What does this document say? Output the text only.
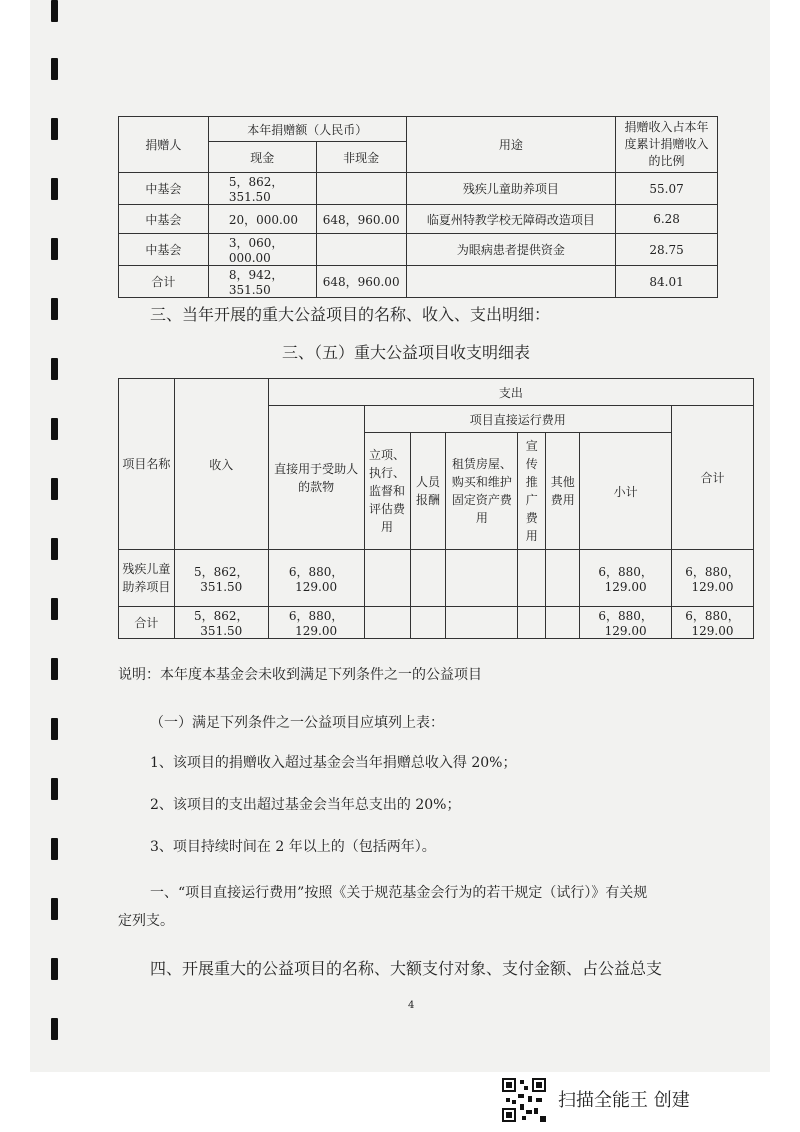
捐赠人	本年捐赠额（人民币）		用途	捐赠收入占本年度累计捐赠收入的比例
	现金	非现金		
中基会	5，862，351.50		残疾儿童助养项目	55.07
中基会	20，000.00	648，960.00	临夏州特教学校无障碍改造项目	6.28
中基会	3，060，000.00		为眼病患者提供资金	28.75
合计	8，942，351.50	648，960.00		84.01
三、当年开展的重大公益项目的名称、收入、支出明细：
三、（五）重大公益项目收支明细表
项目名称	收入	支出							
		直接用于受助人的款物	项目直接运行费用						合计
			立项、执行、监督和评估费用	人员报酬	租赁房屋、购买和维护固定资产费用	宣传推广费用	其他费用	小计	
残疾儿童助养项目	5，862，351.50	6，880，129.00						6，880，129.00	6，880，129.00
合计	5，862，351.50	6，880，129.00						6，880，129.00	6，880，129.00
说明：本年度本基金会未收到满足下列条件之一的公益项目
（一）满足下列条件之一公益项目应填列上表：
1、该项目的捐赠收入超过基金会当年捐赠总收入得 20%；
2、该项目的支出超过基金会当年总支出的 20%；
3、项目持续时间在 2 年以上的（包括两年）。
一、“项目直接运行费用”按照《关于规范基金会行为的若干规定（试行）》有关规
定列支。
四、开展重大的公益项目的名称、大额支付对象、支付金额、占公益总支
4
扫描全能王 创建
